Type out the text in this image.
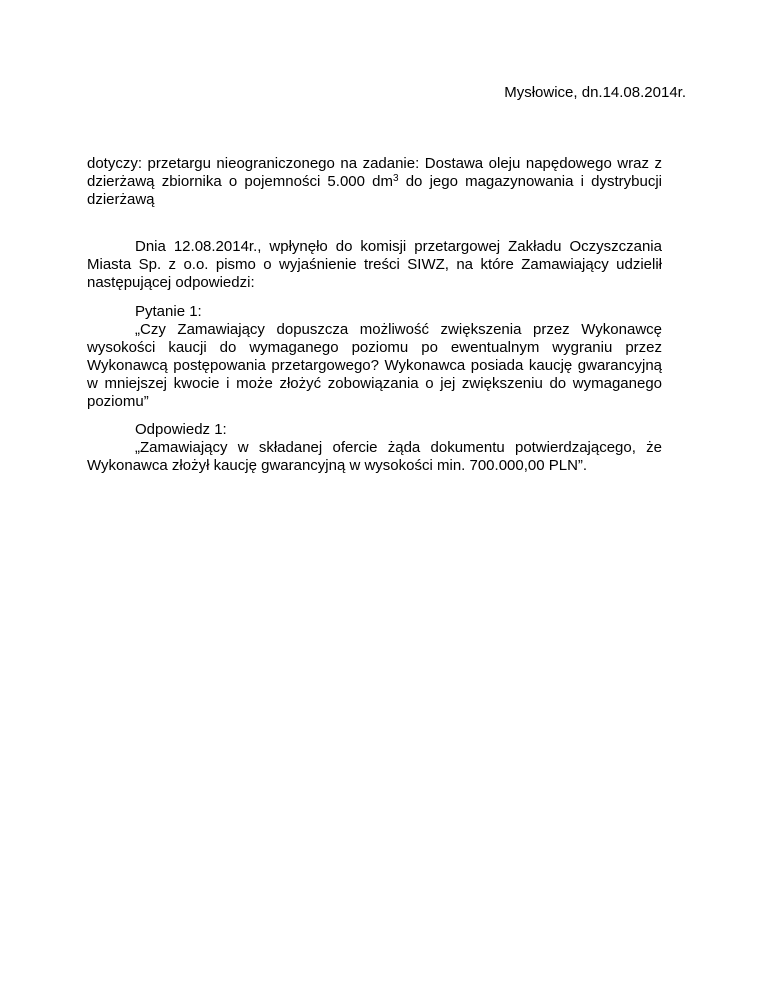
Mysłowice, dn.14.08.2014r.

dotyczy: przetargu nieograniczonego na zadanie: Dostawa oleju napędowego wraz z dzierżawą zbiornika o pojemności 5.000 $dm^3$ do jego magazynowania i dystrybucji dzierżawą

Dnia 12.08.2014r., wpłynęło do komisji przetargowej Zakładu Oczyszczania Miasta Sp. z o.o. pismo o wyjaśnienie treści SIWZ, na które Zamawiający udzielił następującej odpowiedzi:

Pytanie 1:

„Czy Zamawiający dopuszcza możliwość zwiększenia przez Wykonawcę wysokości kaucji do wymaganego poziomu po ewentualnym wygraniu przez Wykonawcą postępowania przetargowego? Wykonawca posiada kaucję gwarancyjną w mniejszej kwocie i może złożyć zobowiązania o jej zwiększeniu do wymaganego poziomu”

Odpowiedz 1:

„Zamawiający w składanej ofercie żąda dokumentu potwierdzającego, że Wykonawca złożył kaucję gwarancyjną w wysokości min. 700.000,00 PLN”.
